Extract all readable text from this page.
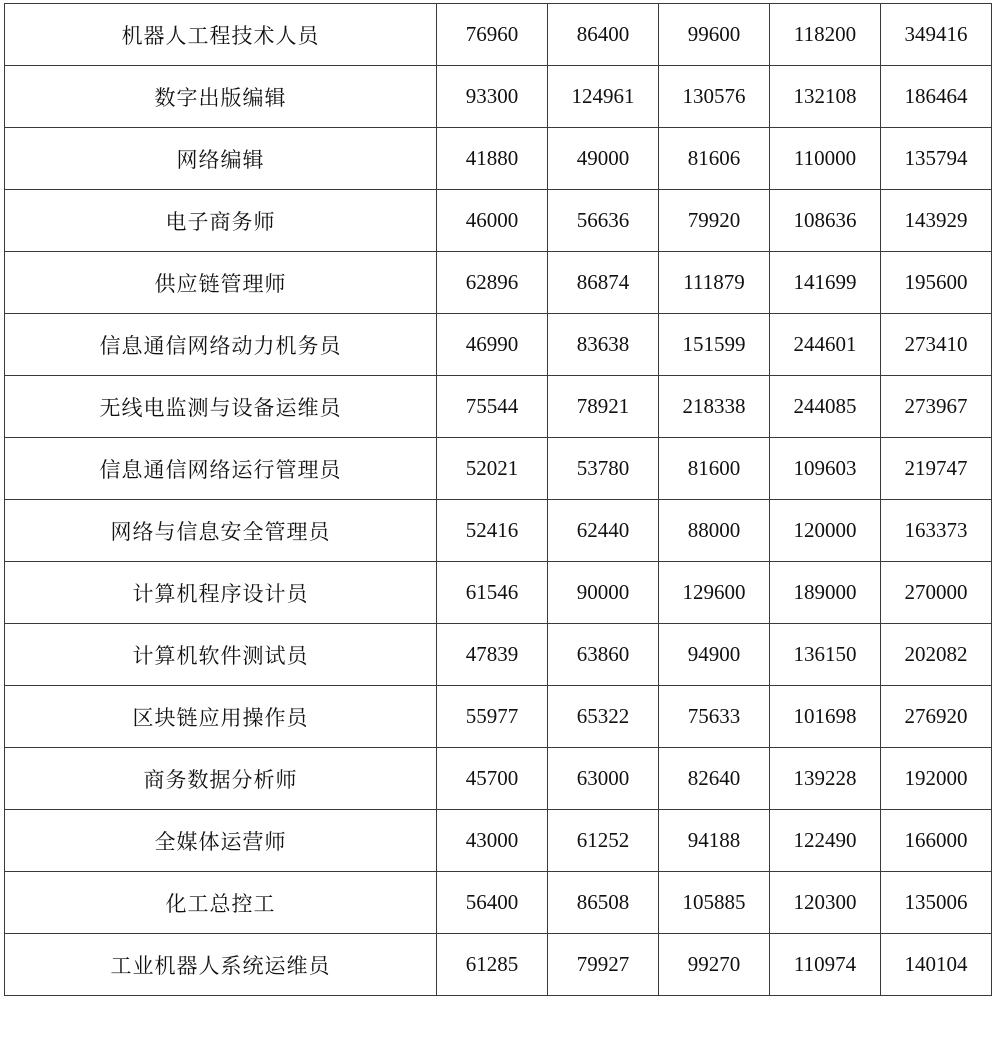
机器人工程技术人员	76960	86400	99600	118200	349416
数字出版编辑	93300	124961	130576	132108	186464
网络编辑	41880	49000	81606	110000	135794
电子商务师	46000	56636	79920	108636	143929
供应链管理师	62896	86874	111879	141699	195600
信息通信网络动力机务员	46990	83638	151599	244601	273410
无线电监测与设备运维员	75544	78921	218338	244085	273967
信息通信网络运行管理员	52021	53780	81600	109603	219747
网络与信息安全管理员	52416	62440	88000	120000	163373
计算机程序设计员	61546	90000	129600	189000	270000
计算机软件测试员	47839	63860	94900	136150	202082
区块链应用操作员	55977	65322	75633	101698	276920
商务数据分析师	45700	63000	82640	139228	192000
全媒体运营师	43000	61252	94188	122490	166000
化工总控工	56400	86508	105885	120300	135006
工业机器人系统运维员	61285	79927	99270	110974	140104
